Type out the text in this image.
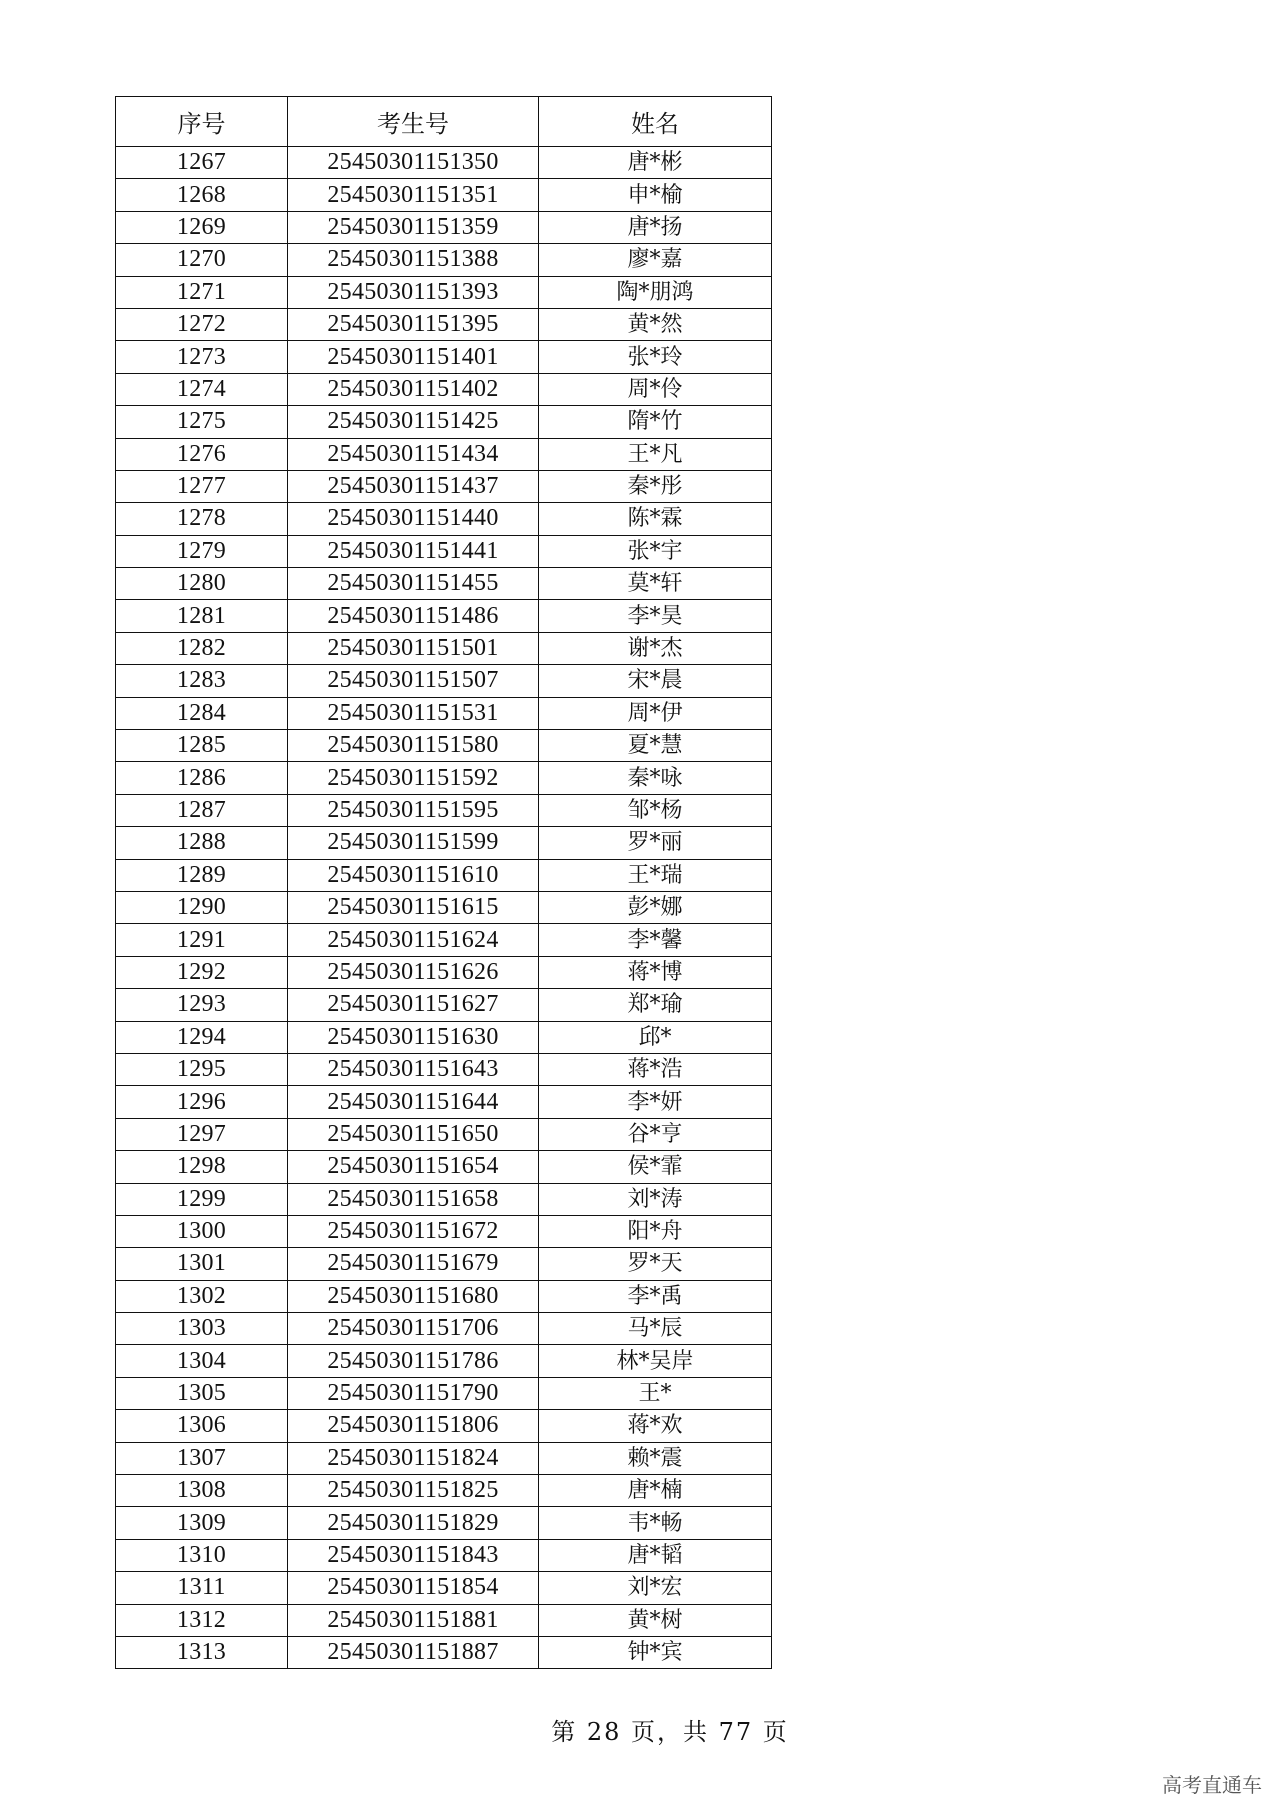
序号	考生号	姓名
1267	25450301151350	唐*彬
1268	25450301151351	申*榆
1269	25450301151359	唐*扬
1270	25450301151388	廖*嘉
1271	25450301151393	陶*朋鸿
1272	25450301151395	黄*然
1273	25450301151401	张*玲
1274	25450301151402	周*伶
1275	25450301151425	隋*竹
1276	25450301151434	王*凡
1277	25450301151437	秦*彤
1278	25450301151440	陈*霖
1279	25450301151441	张*宇
1280	25450301151455	莫*轩
1281	25450301151486	李*昊
1282	25450301151501	谢*杰
1283	25450301151507	宋*晨
1284	25450301151531	周*伊
1285	25450301151580	夏*慧
1286	25450301151592	秦*咏
1287	25450301151595	邹*杨
1288	25450301151599	罗*丽
1289	25450301151610	王*瑞
1290	25450301151615	彭*娜
1291	25450301151624	李*馨
1292	25450301151626	蒋*博
1293	25450301151627	郑*瑜
1294	25450301151630	邱*
1295	25450301151643	蒋*浩
1296	25450301151644	李*妍
1297	25450301151650	谷*亨
1298	25450301151654	侯*霏
1299	25450301151658	刘*涛
1300	25450301151672	阳*舟
1301	25450301151679	罗*天
1302	25450301151680	李*禹
1303	25450301151706	马*辰
1304	25450301151786	林*吴岸
1305	25450301151790	王*
1306	25450301151806	蒋*欢
1307	25450301151824	赖*震
1308	25450301151825	唐*楠
1309	25450301151829	韦*畅
1310	25450301151843	唐*韬
1311	25450301151854	刘*宏
1312	25450301151881	黄*树
1313	25450301151887	钟*宾
第 28 页，共 77 页
高考直通车
